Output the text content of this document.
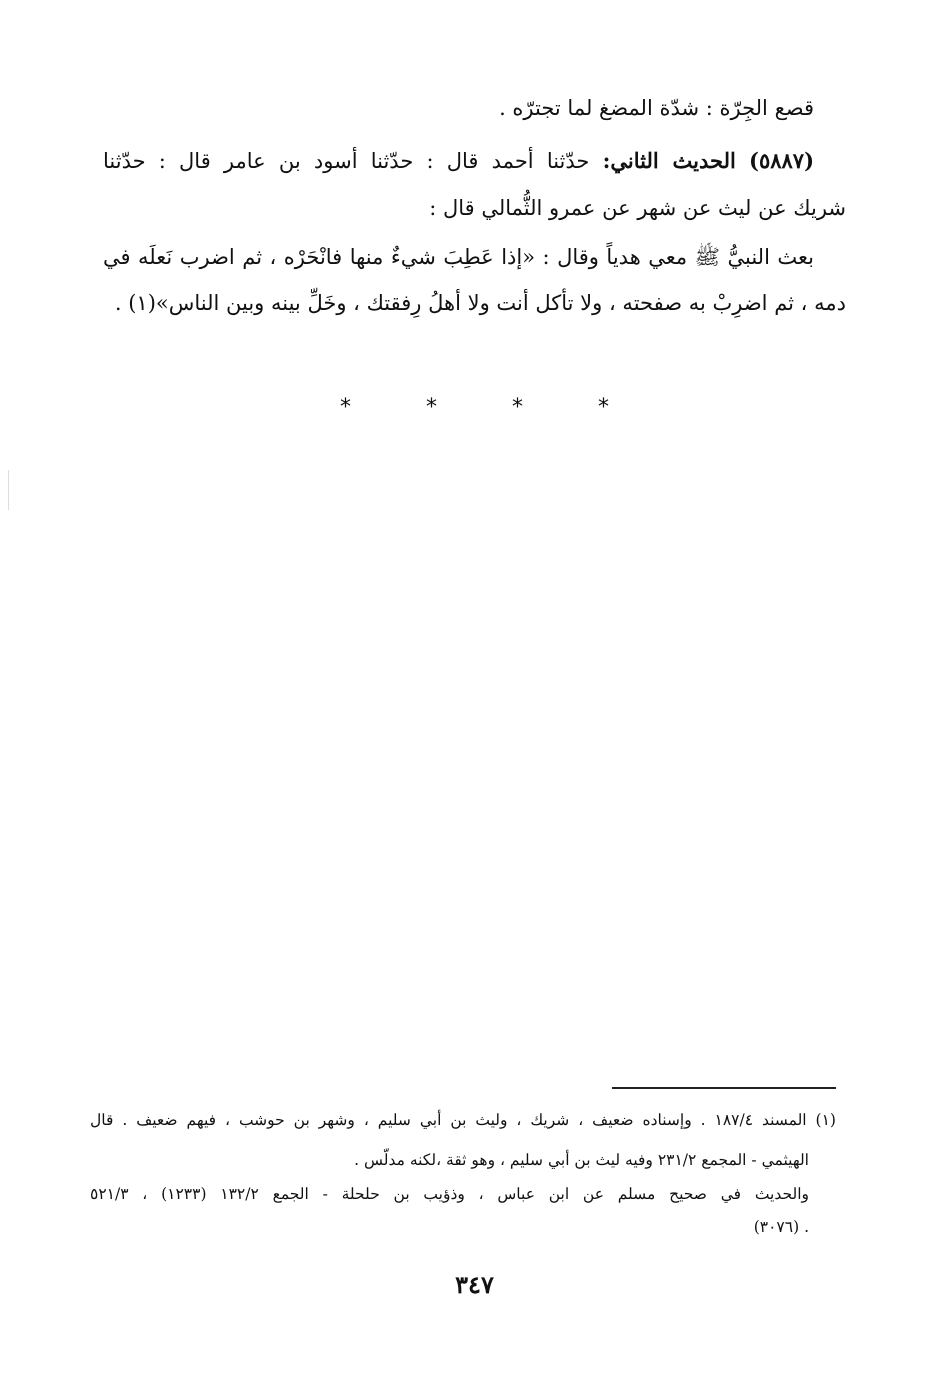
قصع الجِرّة : شدّة المضغ لما تجترّه .
(٥٨٨٧) الحديث الثاني: حدّثنا أحمد قال : حدّثنا أسود بن عامر قال : حدّثنا
شريك عن ليث عن شهر عن عمرو الثُّمالي قال :
بعث النبيُّ ﷺ معي هدياً وقال : «إذا عَطِبَ شيءٌ منها فانْحَرْه ، ثم اضرب نَعلَه في
دمه ، ثم اضرِبْ به صفحته ، ولا تأكل أنت ولا أهلُ رِفقتك ، وخَلِّ بينه وبين الناس»(١) .
* * * *
(١) المسند ١٨٧/٤ . وإسناده ضعيف ، شريك ، وليث بن أبي سليم ، وشهر بن حوشب ، فيهم ضعيف . قال
الهيثمي - المجمع ٢٣١/٢ وفيه ليث بن أبي سليم ، وهو ثقة ،لكنه مدلّس .
والحديث في صحيح مسلم عن ابن عباس ، وذؤيب بن حلحلة - الجمع ١٣٢/٢ (١٢٣٣) ، ٥٢١/٣
. (٣٠٧٦)
٣٤٧
